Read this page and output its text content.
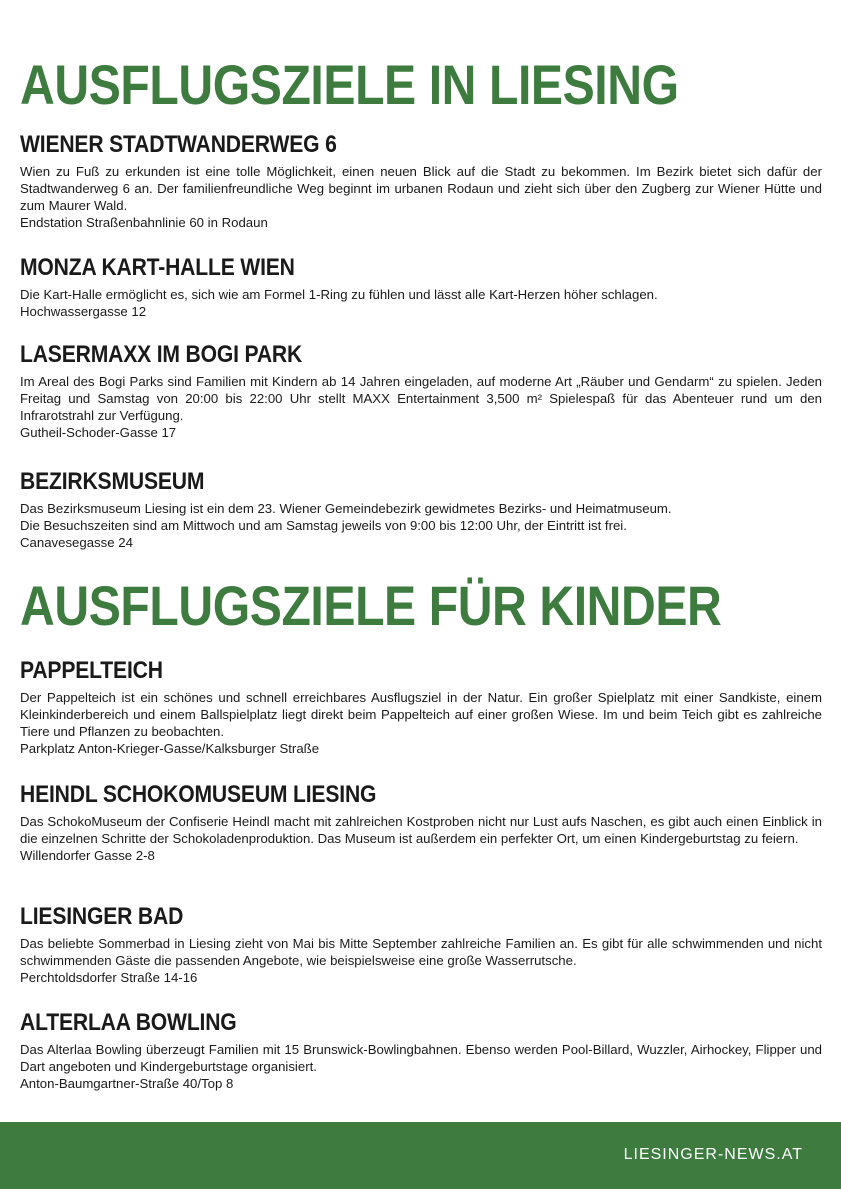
AUSFLUGSZIELE IN LIESING
WIENER STADTWANDERWEG 6

Wien zu Fuß zu erkunden ist eine tolle Möglichkeit, einen neuen Blick auf die Stadt zu bekommen. Im Bezirk bietet sich dafür der Stadtwanderweg 6 an. Der familienfreundliche Weg beginnt im urbanen Rodaun und zieht sich über den Zugberg zur Wiener Hütte und zum Maurer Wald.

Endstation Straßenbahnlinie 60 in Rodaun

MONZA KART-HALLE WIEN

Die Kart-Halle ermöglicht es, sich wie am Formel 1-Ring zu fühlen und lässt alle Kart-Herzen höher schlagen.

Hochwassergasse 12

LASERMAXX IM BOGI PARK

Im Areal des Bogi Parks sind Familien mit Kindern ab 14 Jahren eingeladen, auf moderne Art „Räuber und Gendarm“ zu spielen. Jeden Freitag und Samstag von 20:00 bis 22:00 Uhr stellt MAXX Entertainment 3,500 m² Spielespaß für das Abenteuer rund um den Infrarotstrahl zur Verfügung.

Gutheil-Schoder-Gasse 17

BEZIRKSMUSEUM

Das Bezirksmuseum Liesing ist ein dem 23. Wiener Gemeindebezirk gewidmetes Bezirks- und Heimatmuseum.

Die Besuchszeiten sind am Mittwoch und am Samstag jeweils von 9:00 bis 12:00 Uhr, der Eintritt ist frei.

Canavesegasse 24

AUSFLUGSZIELE FÜR KINDER
PAPPELTEICH

Der Pappelteich ist ein schönes und schnell erreichbares Ausflugsziel in der Natur. Ein großer Spielplatz mit einer Sandkiste, einem Kleinkinderbereich und einem Ballspielplatz liegt direkt beim Pappelteich auf einer großen Wiese. Im und beim Teich gibt es zahlreiche Tiere und Pflanzen zu beobachten.

Parkplatz Anton-Krieger-Gasse/Kalksburger Straße

HEINDL SCHOKOMUSEUM LIESING

Das SchokoMuseum der Confiserie Heindl macht mit zahlreichen Kostproben nicht nur Lust aufs Naschen, es gibt auch einen Einblick in die einzelnen Schritte der Schokoladenproduktion. Das Museum ist außerdem ein perfekter Ort, um einen Kindergeburtstag zu feiern.

Willendorfer Gasse 2-8

LIESINGER BAD

Das beliebte Sommerbad in Liesing zieht von Mai bis Mitte September zahlreiche Familien an. Es gibt für alle schwimmenden und nicht schwimmenden Gäste die passenden Angebote, wie beispielsweise eine große Wasserrutsche.

Perchtoldsdorfer Straße 14-16

ALTERLAA BOWLING

Das Alterlaa Bowling überzeugt Familien mit 15 Brunswick-Bowlingbahnen. Ebenso werden Pool-Billard, Wuzzler, Airhockey, Flipper und Dart angeboten und Kindergeburtstage organisiert.

Anton-Baumgartner-Straße 40/Top 8

LIESINGER-NEWS.AT
